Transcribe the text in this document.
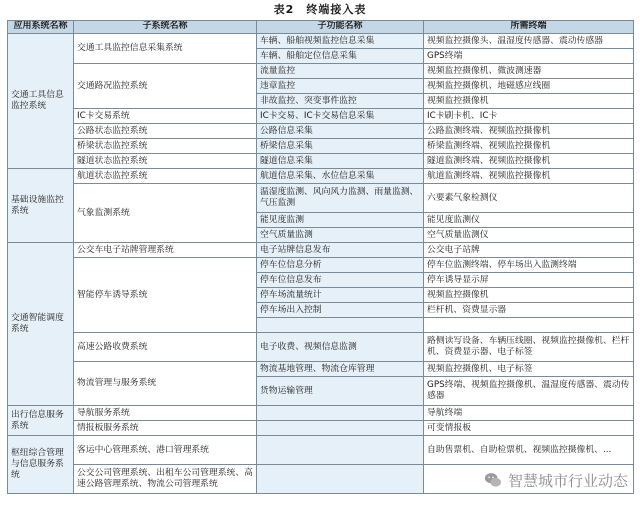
表2　终端接入表
应用系统名称	子系统名称	子功能名称	所需终端
交通工具信息监控系统	交通工具监控信息采集系统	车辆、船舶视频监控信息采集	视频监控摄像头、温湿度传感器、震动传感器
		车辆、船舶定位信息采集	GPS终端
	交通路况监控系统	流量监控	视频监控摄像机、微波测速器
		违章监控	视频监控摄像机、地磁感应线圈
		非故监控、突变事件监控	视频监控摄像机
	IC卡交易系统	IC卡交易、IC卡交易信息采集	IC卡刷卡机、IC卡
	公路状态监控系统	公路信息采集	公路监测终端、视频监控摄像机
	桥梁状态监控系统	桥梁信息采集	桥梁监测终端、视频监控摄像机
	隧道状态监控系统	隧道信息采集	隧道监测终端、视频监控摄像机
基础设施监控系统	航道状态监控系统	航道信息采集、水位信息采集	航道监测终端、视频监控摄像机
	气象监测系统	温湿度监测、风向风力监测、雨量监测、气压监测	六要素气象检测仪
		能见度监测	能见度监测仪
		空气质量监测	空气质量监测仪
交通智能调度系统	公交车电子站牌管理系统	电子站牌信息发布	公交电子站牌
	智能停车诱导系统	停车位信息分析	停车位监测终端、停车场出入监测终端
		停车位信息发布	停车诱导显示屏
		停车场流量统计	视频监控摄像机
		停车场出入控制	栏杆机、资费显示器

	高速公路收费系统	电子收费、视频信息监测	路侧读写设备、车辆压线圈、视频监控摄像机、栏杆机、资费显示器、电子标签
	物流管理与服务系统	物流基地管理、物流仓库管理	视频监控摄像机、电子标签
		货物运输管理	GPS终端、视频监控摄像机、温湿度传感器、震动传感器
出行信息服务系统	导航服务系统		导航终端
	情报板服务系统		可变情报板
枢纽综合管理与信息服务系统	客运中心管理系统、港口管理系统		自助售票机、自助检票机、视频监控摄像机、...
	公交公司管理系统、出租车公司管理系统、高速公路管理系统、物流公司管理系统			智慧城市行业动态
